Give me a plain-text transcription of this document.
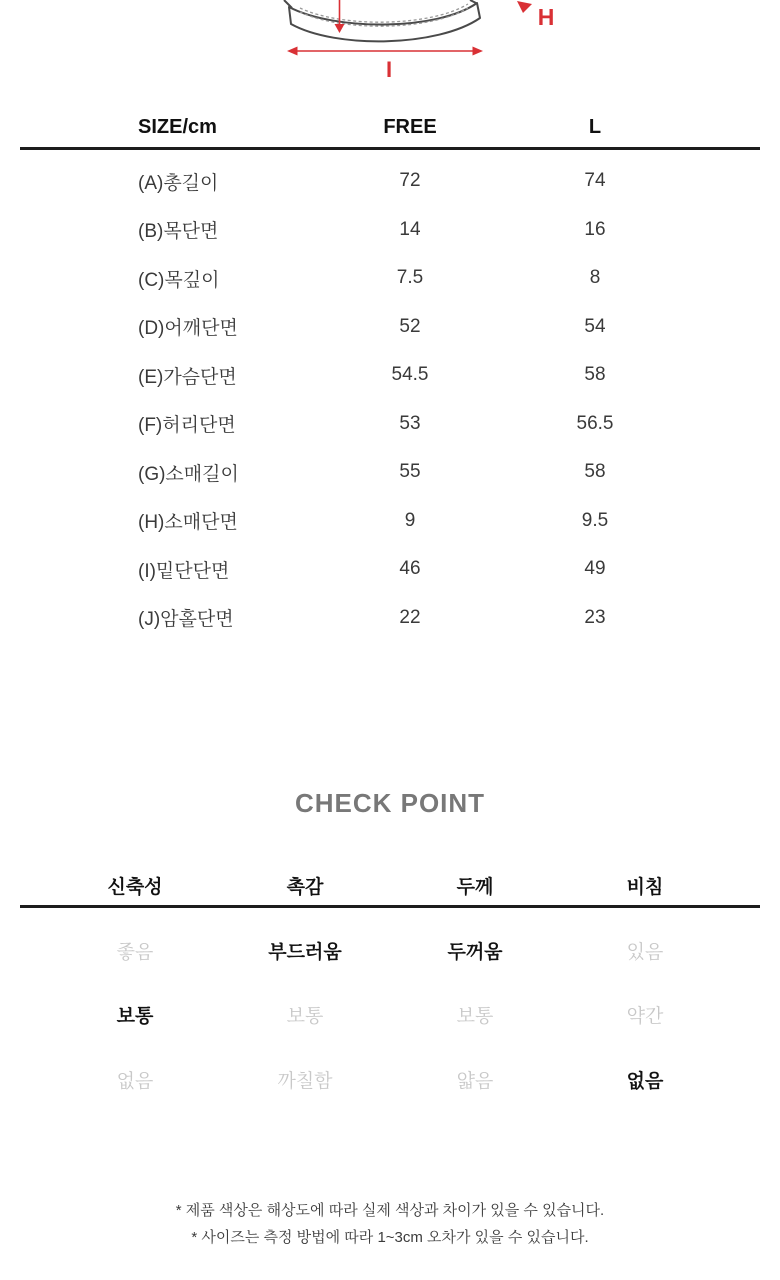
I
H
SIZE/cm	FREE	L
(A)총길이	72	74
(B)목단면	14	16
(C)목깊이	7.5	8
(D)어깨단면	52	54
(E)가슴단면	54.5	58
(F)허리단면	53	56.5
(G)소매길이	55	58
(H)소매단면	9	9.5
(I)밑단단면	46	49
(J)암홀단면	22	23
CHECK POINT
신축성	촉감	두께	비침
좋음	부드러움	두꺼움	있음
보통	보통	보통	약간
없음	까칠함	얇음	없음
* 제품 색상은 해상도에 따라 실제 색상과 차이가 있을 수 있습니다.
* 사이즈는 측정 방법에 따라 1~3cm 오차가 있을 수 있습니다.
